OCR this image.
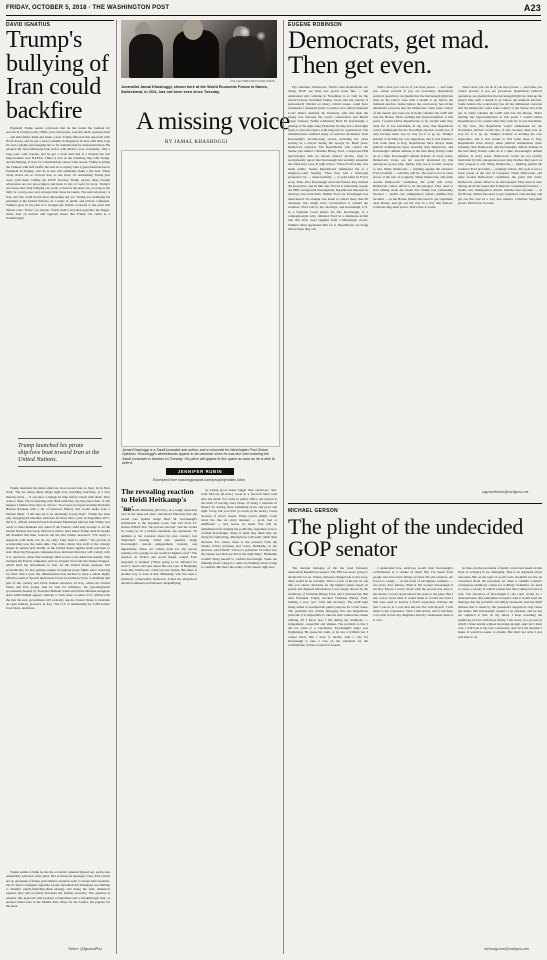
FRIDAY, OCTOBER 5, 2018 · THE WASHINGTON POST	A23
DAVID IGNATIUS
Trump's bullying of Iran could backfire

President Trump seems convinced that he has found the formula for success in foreign policy: Bully your adversaries, sanction them, squeeze them — and then flatter them and make a deal. Trump followed this approach with North Korea, and he got a showy summit in Singapore in June with Kim Jong Un and a pledge (encouraging but so far undelivered) for denuclearization. He adopted the hard-talk/sweet-talk tactics with Mexico and, eventually, after a long pout, with Canada, and he got a trade deal that is a modest but real improvement over NAFTA. China is now in the wrestling ring with Trump, and the Beijing, at least for a bewildering contest. One reason, Trump is letting the Chinese with stiff tariffs: the next he is saying what a great friend he has in President Xi Jinping, who he is sure will ultimately make a fair deal. These crude tactics are so obvious that, as one level, it's astonishing Trump gets away with them. Unlike the WWE matches Trump adores, these foreign adversaries are not pre-scripted, and there is lots of room for error. Trump's successes show that bullying can work, at least in the short run, so long as the bully is a real power and stronger than those he taunts. The next adversary is Iran, and this could be the most interesting test yet. Trump was indulging his penchant at the United Nations, in a series of public and private comments. Trump's goal, in the plan is to strangle the Iranian economy to the point that Tehran cries "Uncle" (or maybe "Uncle Sam") and then negotiate the bigger, better deal on nuclear and regional issues that Trump can claim as a breakthrough.

Trump launched his pirate ship/love boat toward Iran at the United Nations.

Trump launched his pirate ship/love boat toward Iran on Sept. 26 in New York: "We are doing many things right now, including sanctions, at a very massive level. ... It can have a change its time before I meet with them. They want to meet. I'm not meeting with them until they say they have time. It will happen. I believe they have no choice." In a tweet, he began stroking President Hassan Rouhani with a bit of insincere flattery that would make even a Persian blush: "I am sure he is an absolutely lovely man!" Trump has been only dropping his knuckles with Iran for more than a year. In September 2017, the U.S. official advised French President Emmanuel Macron that Trump was ready to meet Rouhani and asked if the French could help arrange it. At the United Nations last week, Macron is said to have asked Trump what he should tell Rouhani this time. Sources tell me that Trump answered: "I'm ready to negotiate with them, but it's too early. They need to suffer." The process is accelerating now the same time. The radio classic that staff of the strategy begins in earnest next month, as the United States applies harsh sanctions to Iran. Most big European companies have indicated that they will comply with U.S. sanctions, rather than endanger their access to the American market. That includes big French companies such as oil giant Total and auto maker Peugeot, which have big investments in Iran. As the United States squeezes Iran economically, it's also getting tougher in regional proxy fights. After wavering for more than a year, the administration has decided to keep a small, highly effective team of Special Operations forces in northeast Syria, to maintain that part of the country and block Iranian advances. In Iraq, where the United States and Iran jockey side by side for influence, the just-designated government headed by President Barham Saleh and Prime Minister-designate Adel Abdul-Mahdi appears friendly to both sides. A senior U.S. official tells me that the new government will probably ask the United States to maintain an open military presence in Iraq. The U.S. is maintaining its 5,200-soldier force there, and more.

Trump seems to think he has the economic squeeze figured out, and he has undeniably achieved some gains. But as financial managers warn, Past results are no guarantee of future performance. Iranians want to escape their isolation, but it's hard to imagine Supreme Leader Ayatollah Ali Khamenei succumbing to Trump's punch-them/hug-them strategy and doing the deal. America's squeeze play will probably devastate the Iranian economy. The question is whether this approach will produce compromise and a breakthrough deal, or another failed state in the Middle East. Hope for the former, but prepare for the latter.

Twitter: @IgnatiusPost
LISA LEUTNER/ASSOCIATED PRESS
Journalist Jamal Khashoggi, shown here at the World Economic Forum in Davos, Switzerland, in 2011, has not been seen since Tuesday.
A missing voice
BY JAMAL KHASHOGGI
Jamal Khashoggi is a Saudi journalist and author, and a columnist for Washington Post Global Opinions. Khashoggi's whereabouts appear to be unknown since he was last seen entering the Saudi consulate in Istanbul on Tuesday. His piece will appear in this space as soon as he is able to write it.
JENNIFER RUBIN
Excerpted from washingtonpost.com/people/jennifer-rubin
The revealing reaction to Heidi Heitkamp's 'no'

Sen. Heidi Heitkamp (D-N.D.), in a tough reelection race in her deep-red state, announced Thursday that she would vote against Judge Brett M. Kavanaugh's nomination to the Supreme Court. She told local TV station WDAY that "the process has had" and she would be voting no. In a written statement, she explained, "In addition to the concerns about his past conduct, last Thursday's hearing called into question Judge Kavanaugh's current temperament, honesty, and impartiality. These are critical traits for any person seeking to be a judge on our country's highest court." The reaction on Twitter and social media, ranged from surprised to stunned ("She's going to be defeated for sure!"). And it isn't just about this one vote. If Heitkamp loses this, Democrats could lose the Senate. But there is another way to look at this: Heitkamp, who has been a relatively conservative Democrat, found the allegations and the nominee's performance disqualifying.

by saying good causes bigger than ourselves," Sen. John McCain (R-Ariz.) wrote in a farewell letter read after his death. For some in public office, the reward is the thrill of leaving one's mark, of being a mention in history for having done something brave and good and right. Sorry, but you don't go down in the history books because of clever tweets. When you've simply voted down the line on every measure — good, bad or indifferent — that leaves no mark. You will be remembered for making the politically expedient vote to confirm Kavanaugh. Some of them may think they are doing the right thing, although few will really relish their decision. For others, there is the pressure from the Senate, fellow partisans and voters. Heitkamp, in her decision, told WDAY: "I'm not a politician. I'd rather lose my Senate seat than say this is the right thing." Heitkamp couldn't bring herself to confirm Kavanaugh. Some are thinking about voting no, some are thinking about voting to confirm. But that's the reality of the Senate right now.

EUGENE ROBINSON
Democrats, get mad. Then get even.

Pay attention, Democrats. Watch what Republicans are doing. You'll see what raw power looks like — and understand why winning in November is so vital for the nation's future. President Trump, aware that the country is passionately divided on many critical issues, could have nominated a moderate jurist to replace now-retired Supreme Court Justice Anthony M. Kennedy, who had been the swing vote between the court's conservative and liberal wings. Instead, Trump nominated Brett M. Kavanaugh, a darling of the right-wing Federalist Society and a hard-right jurist, to give the right a solid majority for a generation. The administration withheld many of relevant documents from Kavanaugh's decades-long record, including his years serving as a lawyer during the George W. Bush years. Democrats objected. The Republicans who control the Senate just smiled. Christine Blasey Ford, a respected PhD psychologist with no known ulterior motive, tried to anonymously report that Kavanaugh had sexually assaulted her when they were in high school. When Ford's name was made public, Senate Republicans summoned her to a kangaroo-court hearing. Then they had a hired-gun prosecutor try — unsuccessfully — to poke holes in Ford's story. Then, after Kavanaugh cried and fumed, they ditched the prosecutor, and let him rant. Forced to reluctantly reopen the FBI's background investigation, Republicans imposed an arbitrary one-week limit. Neither Ford nor Kavanaugh was interviewed. No attempt was made to contact more than 40 witnesses who might have corroborated or refuted the evidence. Ford told by her attorneys, and Kavanaugh, U.S. in a Supreme Court justice for life. Kavanaugh, at a campaign-style rally, ridiculed Ford in a blame-the-victim rant that drew cruel laughter from a Mississippi crowd. Trump's allies applauded him for it. Republicans are doing this because they can.

That's what you can do if you have power — and what you cannot prevent if you are powerless. Republican political operatives are gleeful that the Kavanaugh fight has riled up the party's base with a month to go before the midterm election. Some believe the controversy has all but eliminated concerns that the Democrats could seize control of the Senate and even put in doubt whether the GOP will lose the House. That's nothing but hyperventilation at this point. I would advise Republicans to be careful what they wish for. It was inevitable, in my view, that Republican voters' enthusiasm for the November election would rise, if only because there was no way for it to go up. Trump's holdout at inviting his core supporters, and it was bound to fold some issue to flog. Republicans have always taken judicial nominations more seriously than Democrats, and Kavanaugh's defiant defense is the best thing Trump could do at a time. Kavanaugh's defiant defense, in every sense. Democratic voters are not exactly motivated by this outrageous power play. Rather, they see it as their weapon to win. Many Democrats — fighting against the evidence Ford provided — certainly will be. The goal is not to seize power at the rate of Congress. When Democrats, and unite around Democratic candidates, the point will come. Democrats cannot afford to be discouraged. They need to start talking about the issues that Trump has consistently blocked — health care, immigration reform, middle-class incomes — in the House. Democrats need to get organized, raise money, and get out the vote in a way that matters. Cultivate long-term power. That's how it works.

That's what you can do if you have power — and what you cannot prevent if you are powerless. Republican political operatives are gleeful that the Kavanaugh fight has riled up the party's base with a month to go before the midterm election. Some believe the controversy has all but eliminated concerns that the Democrats could seize control of the Senate and even put in doubt whether the GOP will lose the House. That's nothing but hyperventilation at this point. I would advise Republicans to be careful what they wish for. It was inevitable, in my view, that Republican voters' enthusiasm for the November election would rise, if only because there was no way for it to go up. Trump's holdout at inviting his core supporters, and it was bound to fold some issue to flog. Republicans have always taken judicial nominations more seriously than Democrats, and Kavanaugh's defiant defense is the best thing Trump could do at a time. Kavanaugh's defiant defense, in every sense. Democratic voters are not exactly motivated by this outrageous power play. Rather, they see it as their weapon to win. Many Democrats — fighting against the evidence Ford provided — certainly will be. The goal is not to seize power at the rate of Congress. When Democrats, and unite around Democratic candidates, the point will come. Democrats cannot afford to be discouraged. They need to start talking about the issues that Trump has consistently blocked — health care, immigration reform, middle-class incomes — in the House. Democrats need to get organized, raise money, and get out the vote in a way that matters. Cultivate long-term power. That's how it works.

eugenerobinson@washpost.com
MICHAEL GERSON
The plight of the undecided GOP senator

The internal dialogue of the last (and furiously undecided) Republican senator. The FBI was never going to decide this for us. Unless someone changed his or her story, there would be no certainty. That is a part of the job no one tells you about: decisions for the highest stakes based on partial and disputed information. I was deeply moved by the testimony of Christine Blasey Ford, and I believed her. But then President Trump mocked Christine Blasey Ford, making a very "pro" rally like mockery. The GOP kept being called to an important public purpose for a trial cause. The president has written misogyny into the Republican platform. It is impossible to take his side without the shame rubbing off. I know how I felt during her testimony — sympathetic, respectful and shaken. The problem is that I did not come to a conclusion. Kavanaugh's anger was frightening. He spoke the truth, or he was a brilliant liar. I cannot know. But I have to decide. And a vote for Kavanaugh is also a vote on the standards for the confirmation of men accused of assault.

I understand how survivors would view Kavanaugh's confirmation as a rebuke of them. But I've heard from people who have been falsely accused. We, the senators, are forced to weigh — on the basis of incomplete evidence — two lives. Two futures. What if I'm wrong? Kavanaugh is not Roy Moore. I worry about what the process has done to the Senate. I worry about what it has done to my party. But I also worry about what it would mean to reward the tactics that were used to destroy a man's reputation. Perhaps the best I can do is a vote that lets me live with myself. I will listen to my conscience. Then I will decide. And I will have to be able to face my daughters and my constituents when it is over.

be time, but the precedent of public conviction based on this level of evidence is too damaging. This is an argument about outcomes. But on the topic of social costs, shouldn't we also be concerned about the precedent set when a credible woman's courageous testimony counts for nothing? Somehow we need to create a society in which women feel that coming forward is safe. The elevation of Kavanaugh to the court would be a demonstration that sometimes it doesn't. And it would send the message that the powerful can simply stonewall. And the shrill defense that is made by the president's supporters only raises the stakes. But Kavanaugh wanted to be elevated, and he has not adjusted to that. In my mind, I keep rereading the testimony, but not with more clarity. I am weary of a process in which I must decide without knowing enough. And yet I must vote. I will look at my own conscience, and carry the decision I make. It would be easier to abstain. But that's not what I was sent here to do.

michaelgerson@washpost.com
